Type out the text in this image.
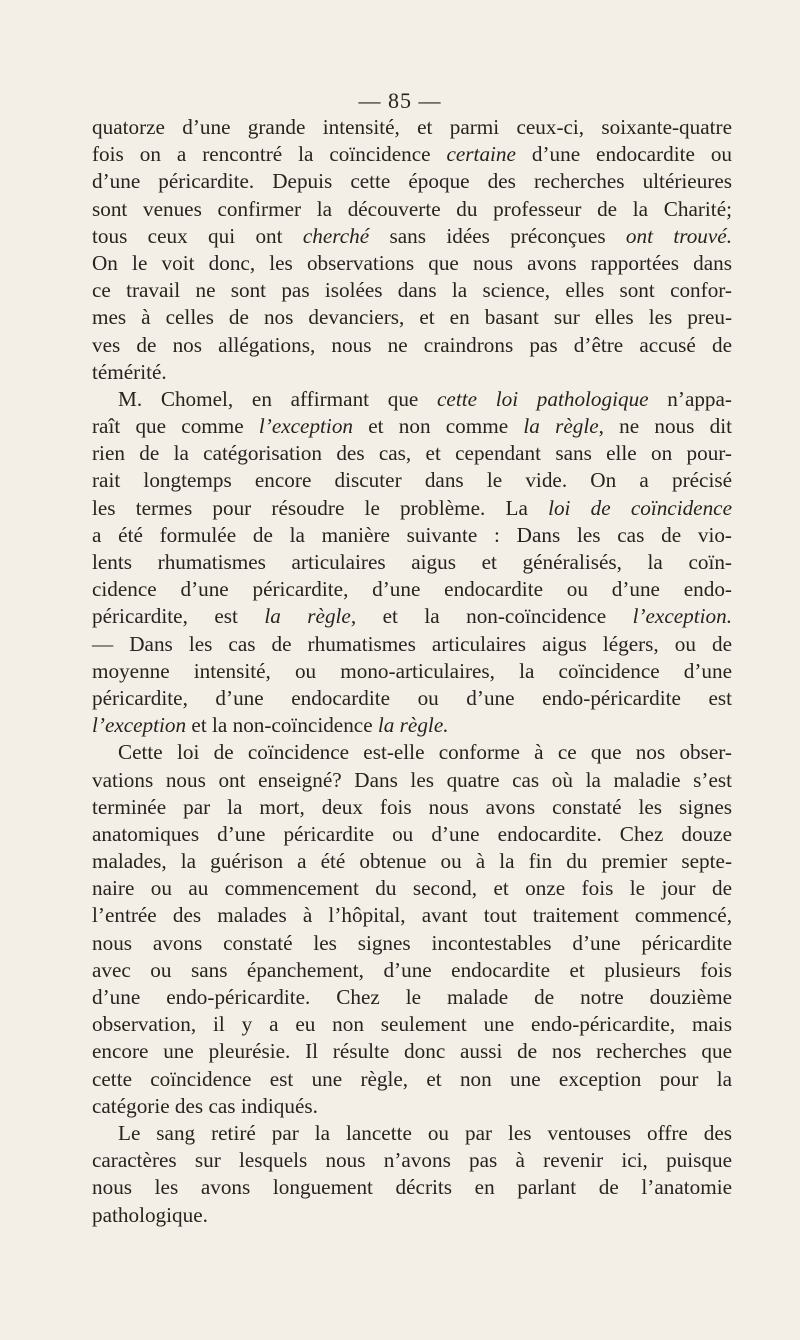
— 85 —
quatorze d’une grande intensité, et parmi ceux-ci, soixante-quatre
fois on a rencontré la coïncidence certaine d’une endocardite ou
d’une péricardite. Depuis cette époque des recherches ultérieures
sont venues confirmer la découverte du professeur de la Charité;
tous ceux qui ont cherché sans idées préconçues ont trouvé.
On le voit donc, les observations que nous avons rapportées dans
ce travail ne sont pas isolées dans la science, elles sont confor-
mes à celles de nos devanciers, et en basant sur elles les preu-
ves de nos allégations, nous ne craindrons pas d’être accusé de
témérité.
M. Chomel, en affirmant que cette loi pathologique n’appa-
raît que comme l’exception et non comme la règle, ne nous dit
rien de la catégorisation des cas, et cependant sans elle on pour-
rait longtemps encore discuter dans le vide. On a précisé
les termes pour résoudre le problème. La loi de coïncidence
a été formulée de la manière suivante : Dans les cas de vio-
lents rhumatismes articulaires aigus et généralisés, la coïn-
cidence d’une péricardite, d’une endocardite ou d’une endo-
péricardite, est la règle, et la non-coïncidence l’exception.
— Dans les cas de rhumatismes articulaires aigus légers, ou de
moyenne intensité, ou mono-articulaires, la coïncidence d’une
péricardite, d’une endocardite ou d’une endo-péricardite est
l’exception et la non-coïncidence la règle.
Cette loi de coïncidence est-elle conforme à ce que nos obser-
vations nous ont enseigné? Dans les quatre cas où la maladie s’est
terminée par la mort, deux fois nous avons constaté les signes
anatomiques d’une péricardite ou d’une endocardite. Chez douze
malades, la guérison a été obtenue ou à la fin du premier septe-
naire ou au commencement du second, et onze fois le jour de
l’entrée des malades à l’hôpital, avant tout traitement commencé,
nous avons constaté les signes incontestables d’une péricardite
avec ou sans épanchement, d’une endocardite et plusieurs fois
d’une endo-péricardite. Chez le malade de notre douzième
observation, il y a eu non seulement une endo-péricardite, mais
encore une pleurésie. Il résulte donc aussi de nos recherches que
cette coïncidence est une règle, et non une exception pour la
catégorie des cas indiqués.
Le sang retiré par la lancette ou par les ventouses offre des
caractères sur lesquels nous n’avons pas à revenir ici, puisque
nous les avons longuement décrits en parlant de l’anatomie
pathologique.
